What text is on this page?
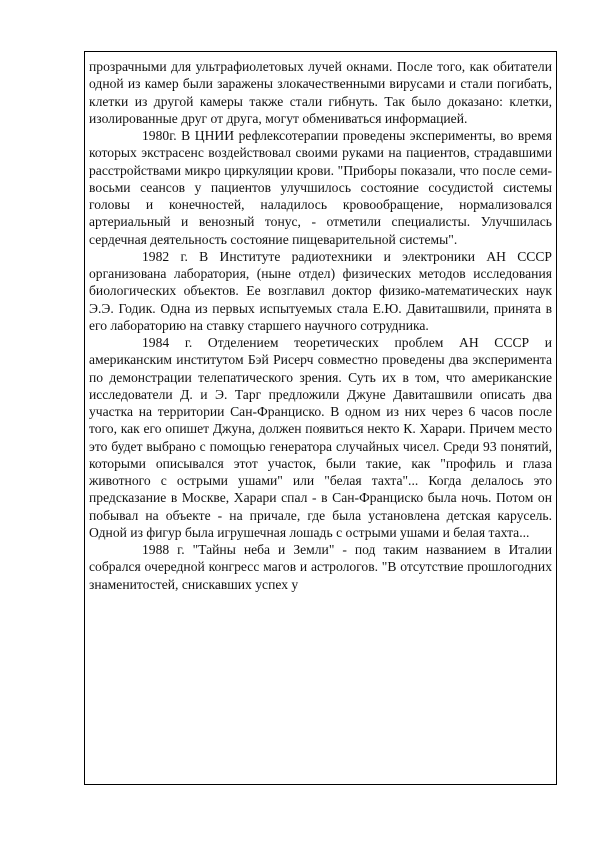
прозрачными для ультрафиолетовых лучей окнами. После того, как обитатели одной из камер были заражены злокачественными вирусами и стали погибать, клетки из другой камеры также стали гибнуть. Так было доказано: клетки, изолированные друг от друга, могут обмениваться информацией.

1980г. В ЦНИИ рефлексотерапии проведены эксперименты, во время которых экстрасенс воздействовал своими руками на пациентов, страдавшими расстройствами микро циркуляции крови. "Приборы показали, что после семи-восьми сеансов у пациентов улучшилось состояние сосудистой системы головы и конечностей, наладилось кровообращение, нормализовался артериальный и венозный тонус, - отметили специалисты. Улучшилась сердечная деятельность состояние пищеварительной системы".

1982 г. В Институте радиотехники и электроники АН СССР организована лаборатория, (ныне отдел) физических методов исследования биологических объектов. Ее возглавил доктор физико-математических наук Э.Э. Годик. Одна из первых испытуемых стала Е.Ю. Давиташвили, принята в его лабораторию на ставку старшего научного сотрудника.

1984 г. Отделением теоретических проблем АН СССР и американским институтом Бэй Рисерч совместно проведены два эксперимента по демонстрации телепатического зрения. Суть их в том, что американские исследователи Д. и Э. Тарг предложили Джуне Давиташвили описать два участка на территории Сан-Франциско. В одном из них через 6 часов после того, как его опишет Джуна, должен появиться некто К. Харари. Причем место это будет выбрано с помощью генератора случайных чисел. Среди 93 понятий, которыми описывался этот участок, были такие, как "профиль и глаза животного с острыми ушами" или "белая тахта"... Когда делалось это предсказание в Москве, Харари спал - в Сан-Франциско была ночь. Потом он побывал на объекте - на причале, где была установлена детская карусель. Одной из фигур была игрушечная лошадь с острыми ушами и белая тахта...

1988 г. "Тайны неба и Земли" - под таким названием в Италии собрался очередной конгресс магов и астрологов. "В отсутствие прошлогодних знаменитостей, снискавших успех у
